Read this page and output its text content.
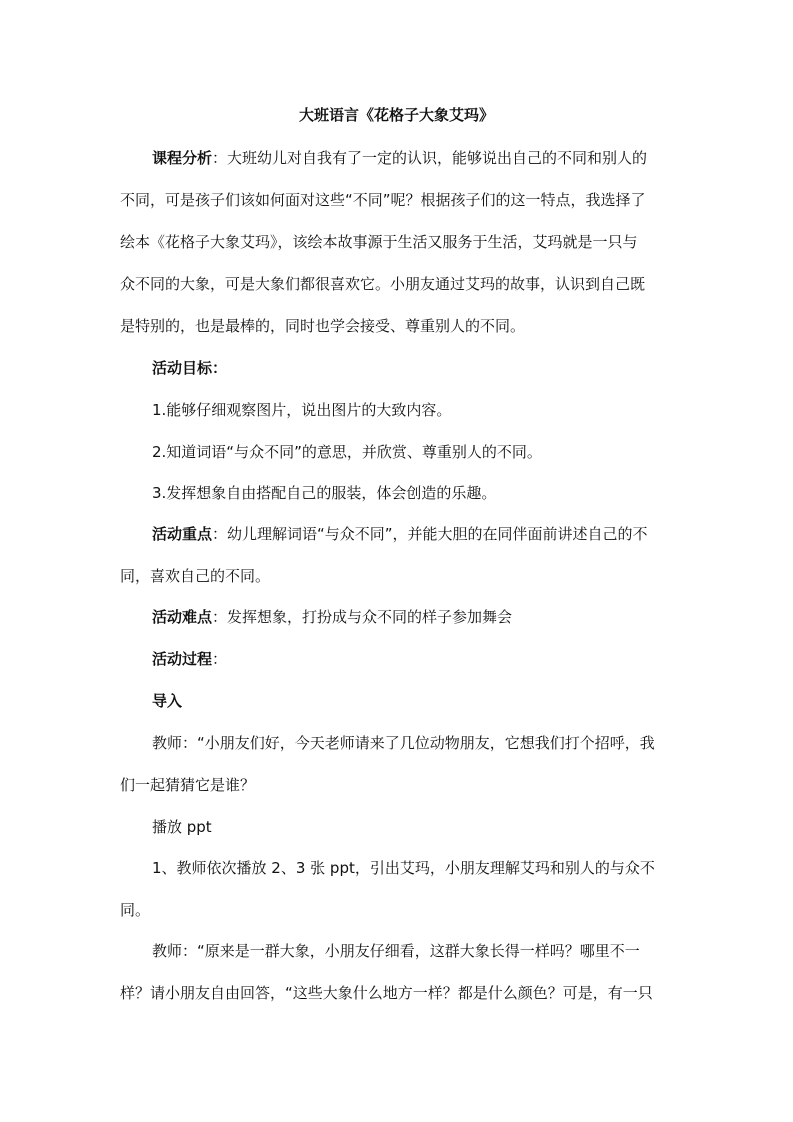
大班语言《花格子大象艾玛》
课程分析：大班幼儿对自我有了一定的认识，能够说出自己的不同和别人的
不同，可是孩子们该如何面对这些“不同”呢？根据孩子们的这一特点，我选择了
绘本《花格子大象艾玛》，该绘本故事源于生活又服务于生活，艾玛就是一只与
众不同的大象，可是大象们都很喜欢它。小朋友通过艾玛的故事，认识到自己既
是特别的，也是最棒的，同时也学会接受、尊重别人的不同。
活动目标：
1.能够仔细观察图片，说出图片的大致内容。
2.知道词语“与众不同”的意思，并欣赏、尊重别人的不同。
3.发挥想象自由搭配自己的服装，体会创造的乐趣。
活动重点：幼儿理解词语“与众不同”，并能大胆的在同伴面前讲述自己的不
同，喜欢自己的不同。
活动难点：发挥想象，打扮成与众不同的样子参加舞会
活动过程：
导入
教师：“小朋友们好，今天老师请来了几位动物朋友，它想我们打个招呼，我
们一起猜猜它是谁？
播放 ppt
1、教师依次播放 2、3 张 ppt，引出艾玛，小朋友理解艾玛和别人的与众不
同。
教师：“原来是一群大象，小朋友仔细看，这群大象长得一样吗？哪里不一
样？请小朋友自由回答，“这些大象什么地方一样？都是什么颜色？可是，有一只
